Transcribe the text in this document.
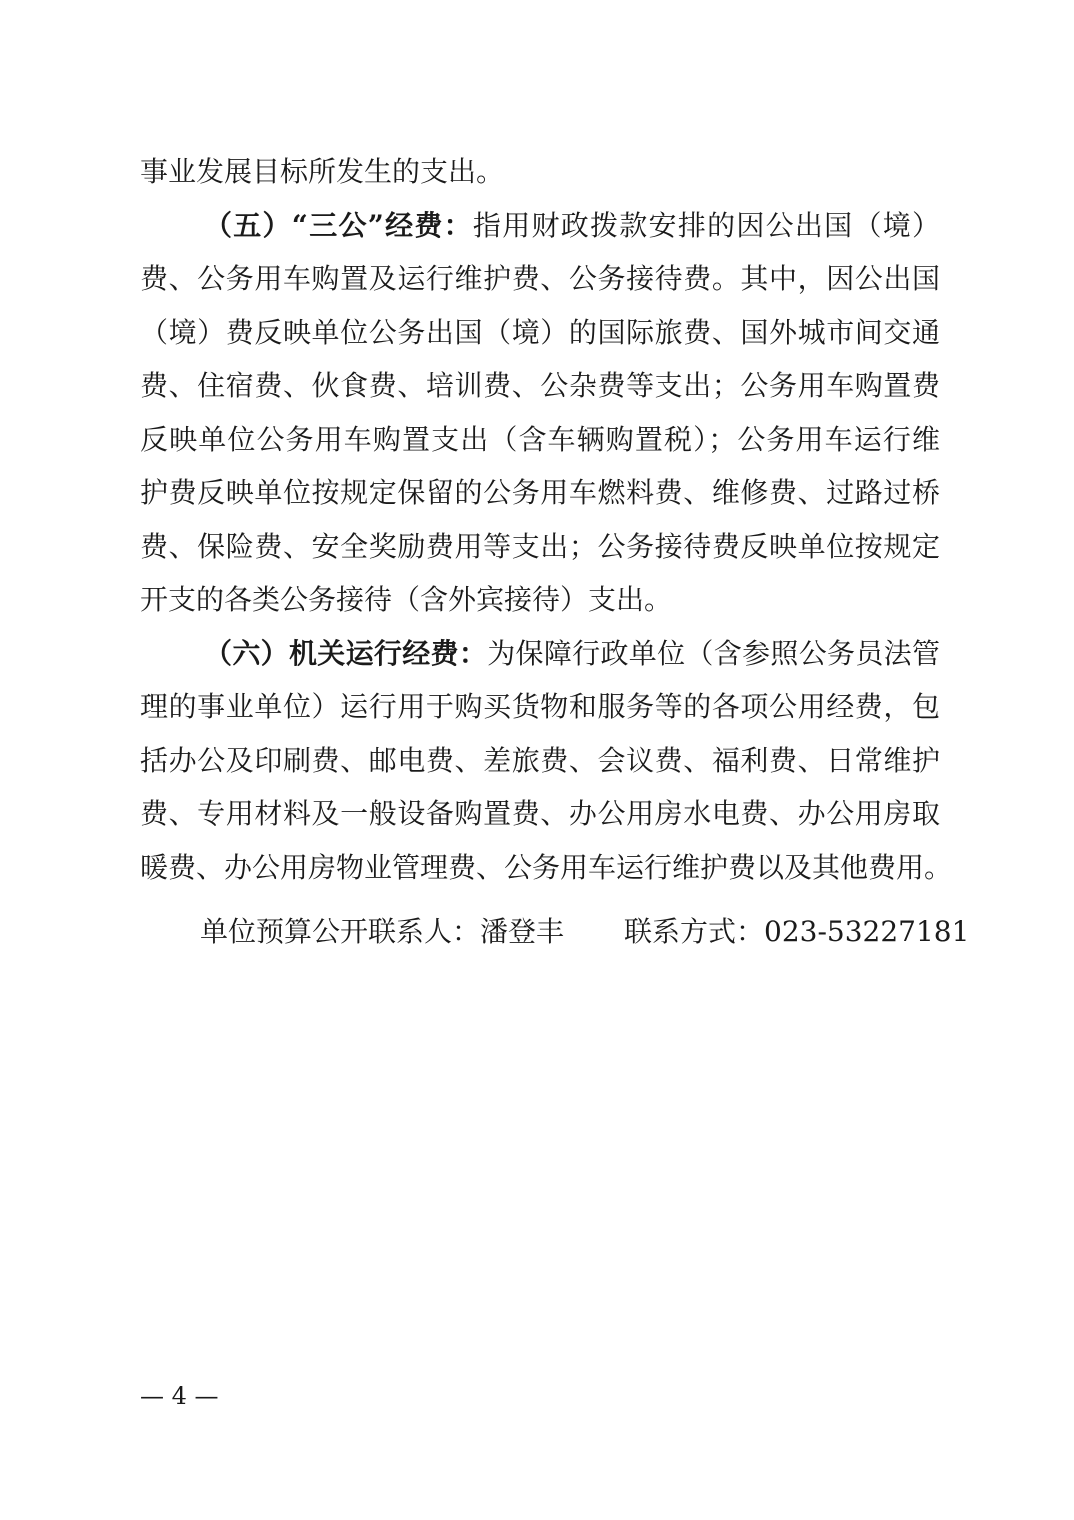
事业发展目标所发生的支出。
（五）“三公”经费：指用财政拨款安排的因公出国（境）
费、公务用车购置及运行维护费、公务接待费。其中，因公出国
（境）费反映单位公务出国（境）的国际旅费、国外城市间交通
费、住宿费、伙食费、培训费、公杂费等支出；公务用车购置费
反映单位公务用车购置支出（含车辆购置税）；公务用车运行维
护费反映单位按规定保留的公务用车燃料费、维修费、过路过桥
费、保险费、安全奖励费用等支出；公务接待费反映单位按规定
开支的各类公务接待（含外宾接待）支出。
（六）机关运行经费：为保障行政单位（含参照公务员法管
理的事业单位）运行用于购买货物和服务等的各项公用经费，包
括办公及印刷费、邮电费、差旅费、会议费、福利费、日常维护
费、专用材料及一般设备购置费、办公用房水电费、办公用房取
暖费、办公用房物业管理费、公务用车运行维护费以及其他费用。
单位预算公开联系人：潘登丰 联系方式：023-53227181
— 4 —
